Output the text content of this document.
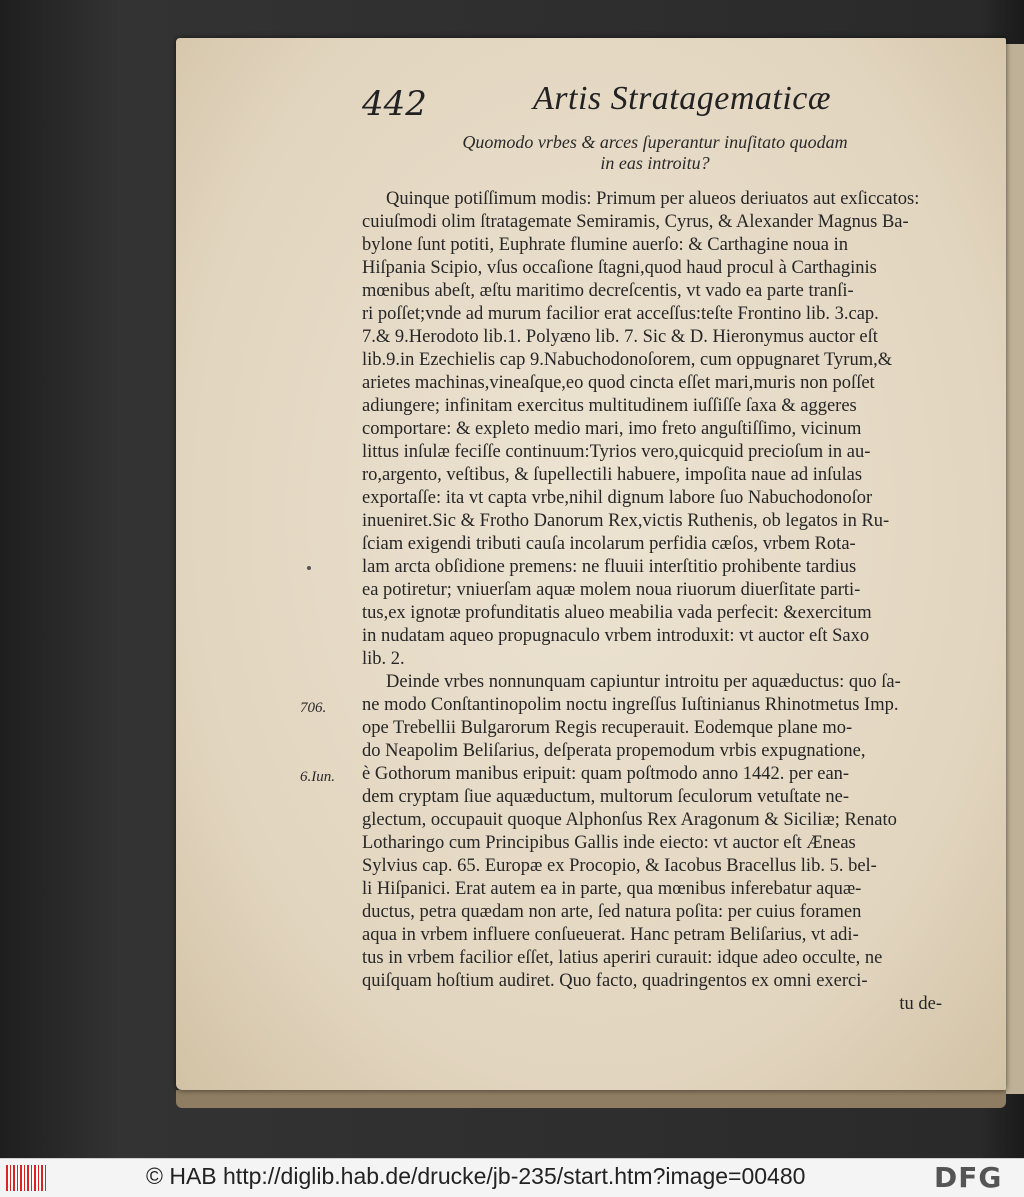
442	Artis Stratagematicæ
Quomodo vrbes & arces ſuperantur inuſitato quodam
in eas introitu?

Quinque potiſſimum modis: Primum per alueos deriuatos aut exſiccatos:
cuiuſmodi olim ſtratagemate Semiramis, Cyrus, & Alexander Magnus Ba-
bylone ſunt potiti, Euphrate flumine auerſo: & Carthagine noua in
Hiſpania Scipio, vſus occaſione ſtagni,quod haud procul à Carthaginis
mœnibus abeſt, æſtu maritimo decreſcentis, vt vado ea parte tranſi-
ri poſſet;vnde ad murum facilior erat acceſſus:teſte Frontino lib. 3.cap.
7.& 9.Herodoto lib.1. Polyæno lib. 7. Sic & D. Hieronymus auctor eſt
lib.9.in Ezechielis cap 9.Nabuchodonoſorem, cum oppugnaret Tyrum,&
arietes machinas,vineaſque,eo quod cincta eſſet mari,muris non poſſet
adiungere; infinitam exercitus multitudinem iuſſiſſe ſaxa & aggeres
comportare: & expleto medio mari, imo freto anguſtiſſimo, vicinum
littus inſulæ feciſſe continuum:Tyrios vero,quicquid precioſum in au-
ro,argento, veſtibus, & ſupellectili habuere, impoſita naue ad inſulas
exportaſſe: ita vt capta vrbe,nihil dignum labore ſuo Nabuchodonoſor
inueniret.Sic & Frotho Danorum Rex,victis Ruthenis, ob legatos in Ru-
ſciam exigendi tributi cauſa incolarum perfidia cæſos, vrbem Rota-
lam arcta obſidione premens: ne fluuii interſtitio prohibente tardius
ea potiretur; vniuerſam aquæ molem noua riuorum diuerſitate parti-
tus,ex ignotæ profunditatis alueo meabilia vada perfecit: &exercitum
in nudatam aqueo propugnaculo vrbem introduxit: vt auctor eſt Saxo
lib. 2.

Deinde vrbes nonnunquam capiuntur introitu per aquæductus: quo ſa-
ne modo Conſtantinopolim noctu ingreſſus Iuſtinianus Rhinotmetus Imp.
ope Trebellii Bulgarorum Regis recuperauit. Eodemque plane mo-
do Neapolim Beliſarius, deſperata propemodum vrbis expugnatione,
è Gothorum manibus eripuit: quam poſtmodo anno 1442. per ean-
dem cryptam ſiue aquæductum, multorum ſeculorum vetuſtate ne-
glectum, occupauit quoque Alphonſus Rex Aragonum & Siciliæ; Renato
Lotharingo cum Principibus Gallis inde eiecto: vt auctor eſt Æneas
Sylvius cap. 65. Europæ ex Procopio, & Iacobus Bracellus lib. 5. bel-
li Hiſpanici. Erat autem ea in parte, qua mœnibus inferebatur aquæ-
ductus, petra quædam non arte, ſed natura poſita: per cuius foramen
aqua in vrbem influere conſueuerat. Hanc petram Beliſarius, vt adi-
tus in vrbem facilior eſſet, latius aperiri curauit: idque adeo occulte, ne
quiſquam hoſtium audiret. Quo facto, quadringentos ex omni exerci-

tu de-
706.
6.Iun.
© HAB http://diglib.hab.de/drucke/jb-235/start.htm?image=00480	DFG
